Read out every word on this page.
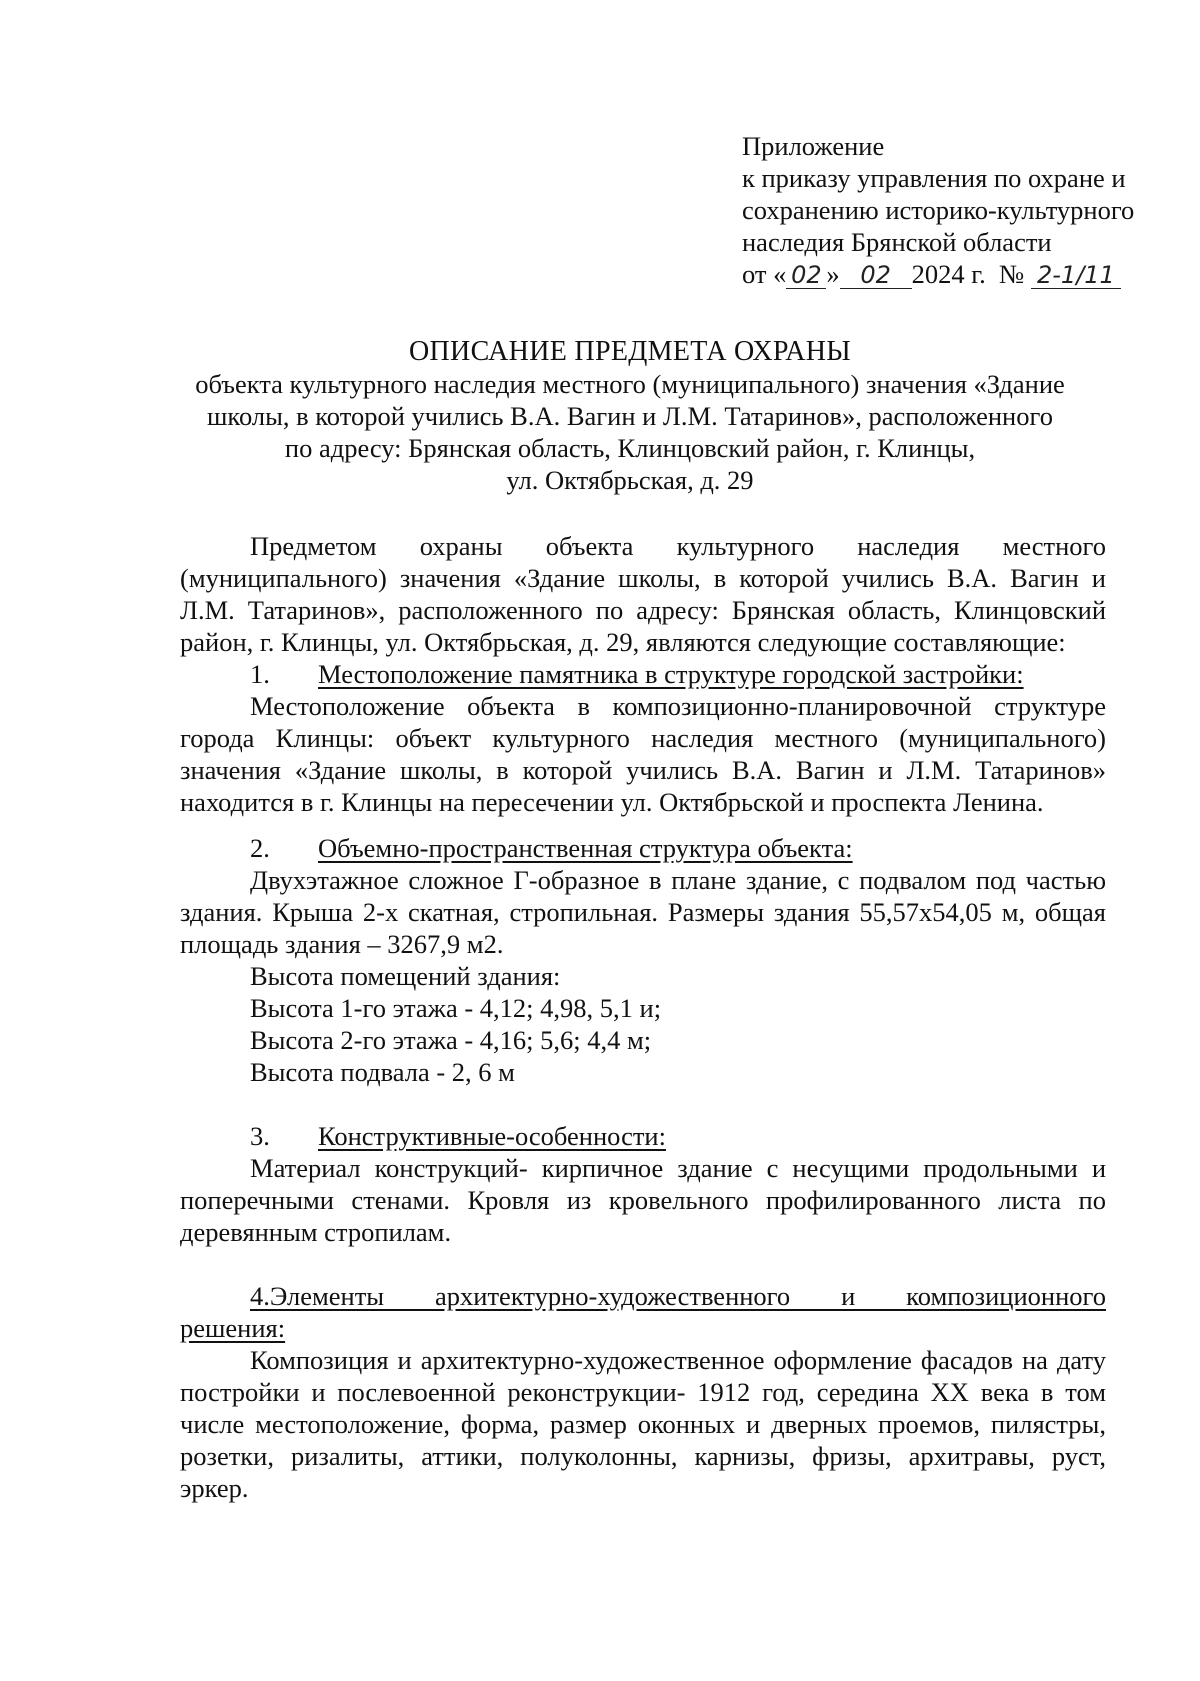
Приложение
к приказу управления по охране и
сохранению историко-культурного
наследия Брянской области
от « 02 » 02 2024 г. № 2-1/11
ОПИСАНИЕ ПРЕДМЕТА ОХРАНЫ
объекта культурного наследия местного (муниципального) значения «Здание
школы, в которой учились В.А. Вагин и Л.М. Татаринов», расположенного
по адресу: Брянская область, Клинцовский район, г. Клинцы,
ул. Октябрьская, д. 29
Предметом охраны объекта культурного наследия местного (муниципального) значения «Здание школы, в которой учились В.А. Вагин и Л.М. Татаринов», расположенного по адресу: Брянская область, Клинцовский район, г. Клинцы, ул. Октябрьская, д. 29, являются следующие составляющие:
1. Местоположение памятника в структуре городской застройки:
Местоположение объекта в композиционно-планировочной структуре города Клинцы: объект культурного наследия местного (муниципального) значения «Здание школы, в которой учились В.А. Вагин и Л.М. Татаринов» находится в г. Клинцы на пересечении ул. Октябрьской и проспекта Ленина.
2. Объемно-пространственная структура объекта:
Двухэтажное сложное Г-образное в плане здание, с подвалом под частью здания. Крыша 2-х скатная, стропильная. Размеры здания 55,57х54,05 м, общая площадь здания – 3267,9 м2.
Высота помещений здания:
Высота 1-го этажа - 4,12; 4,98, 5,1 и;
Высота 2-го этажа - 4,16; 5,6; 4,4 м;
Высота подвала - 2, 6 м
3. Конструктивные-особенности:
Материал конструкций- кирпичное здание с несущими продольными и поперечными стенами. Кровля из кровельного профилированного листа по деревянным стропилам.
4.Элементы архитектурно-художественного и композиционного
решения:
Композиция и архитектурно-художественное оформление фасадов на дату постройки и послевоенной реконструкции- 1912 год, середина XX века в том числе местоположение, форма, размер оконных и дверных проемов, пилястры, розетки, ризалиты, аттики, полуколонны, карнизы, фризы, архитравы, руст, эркер.
